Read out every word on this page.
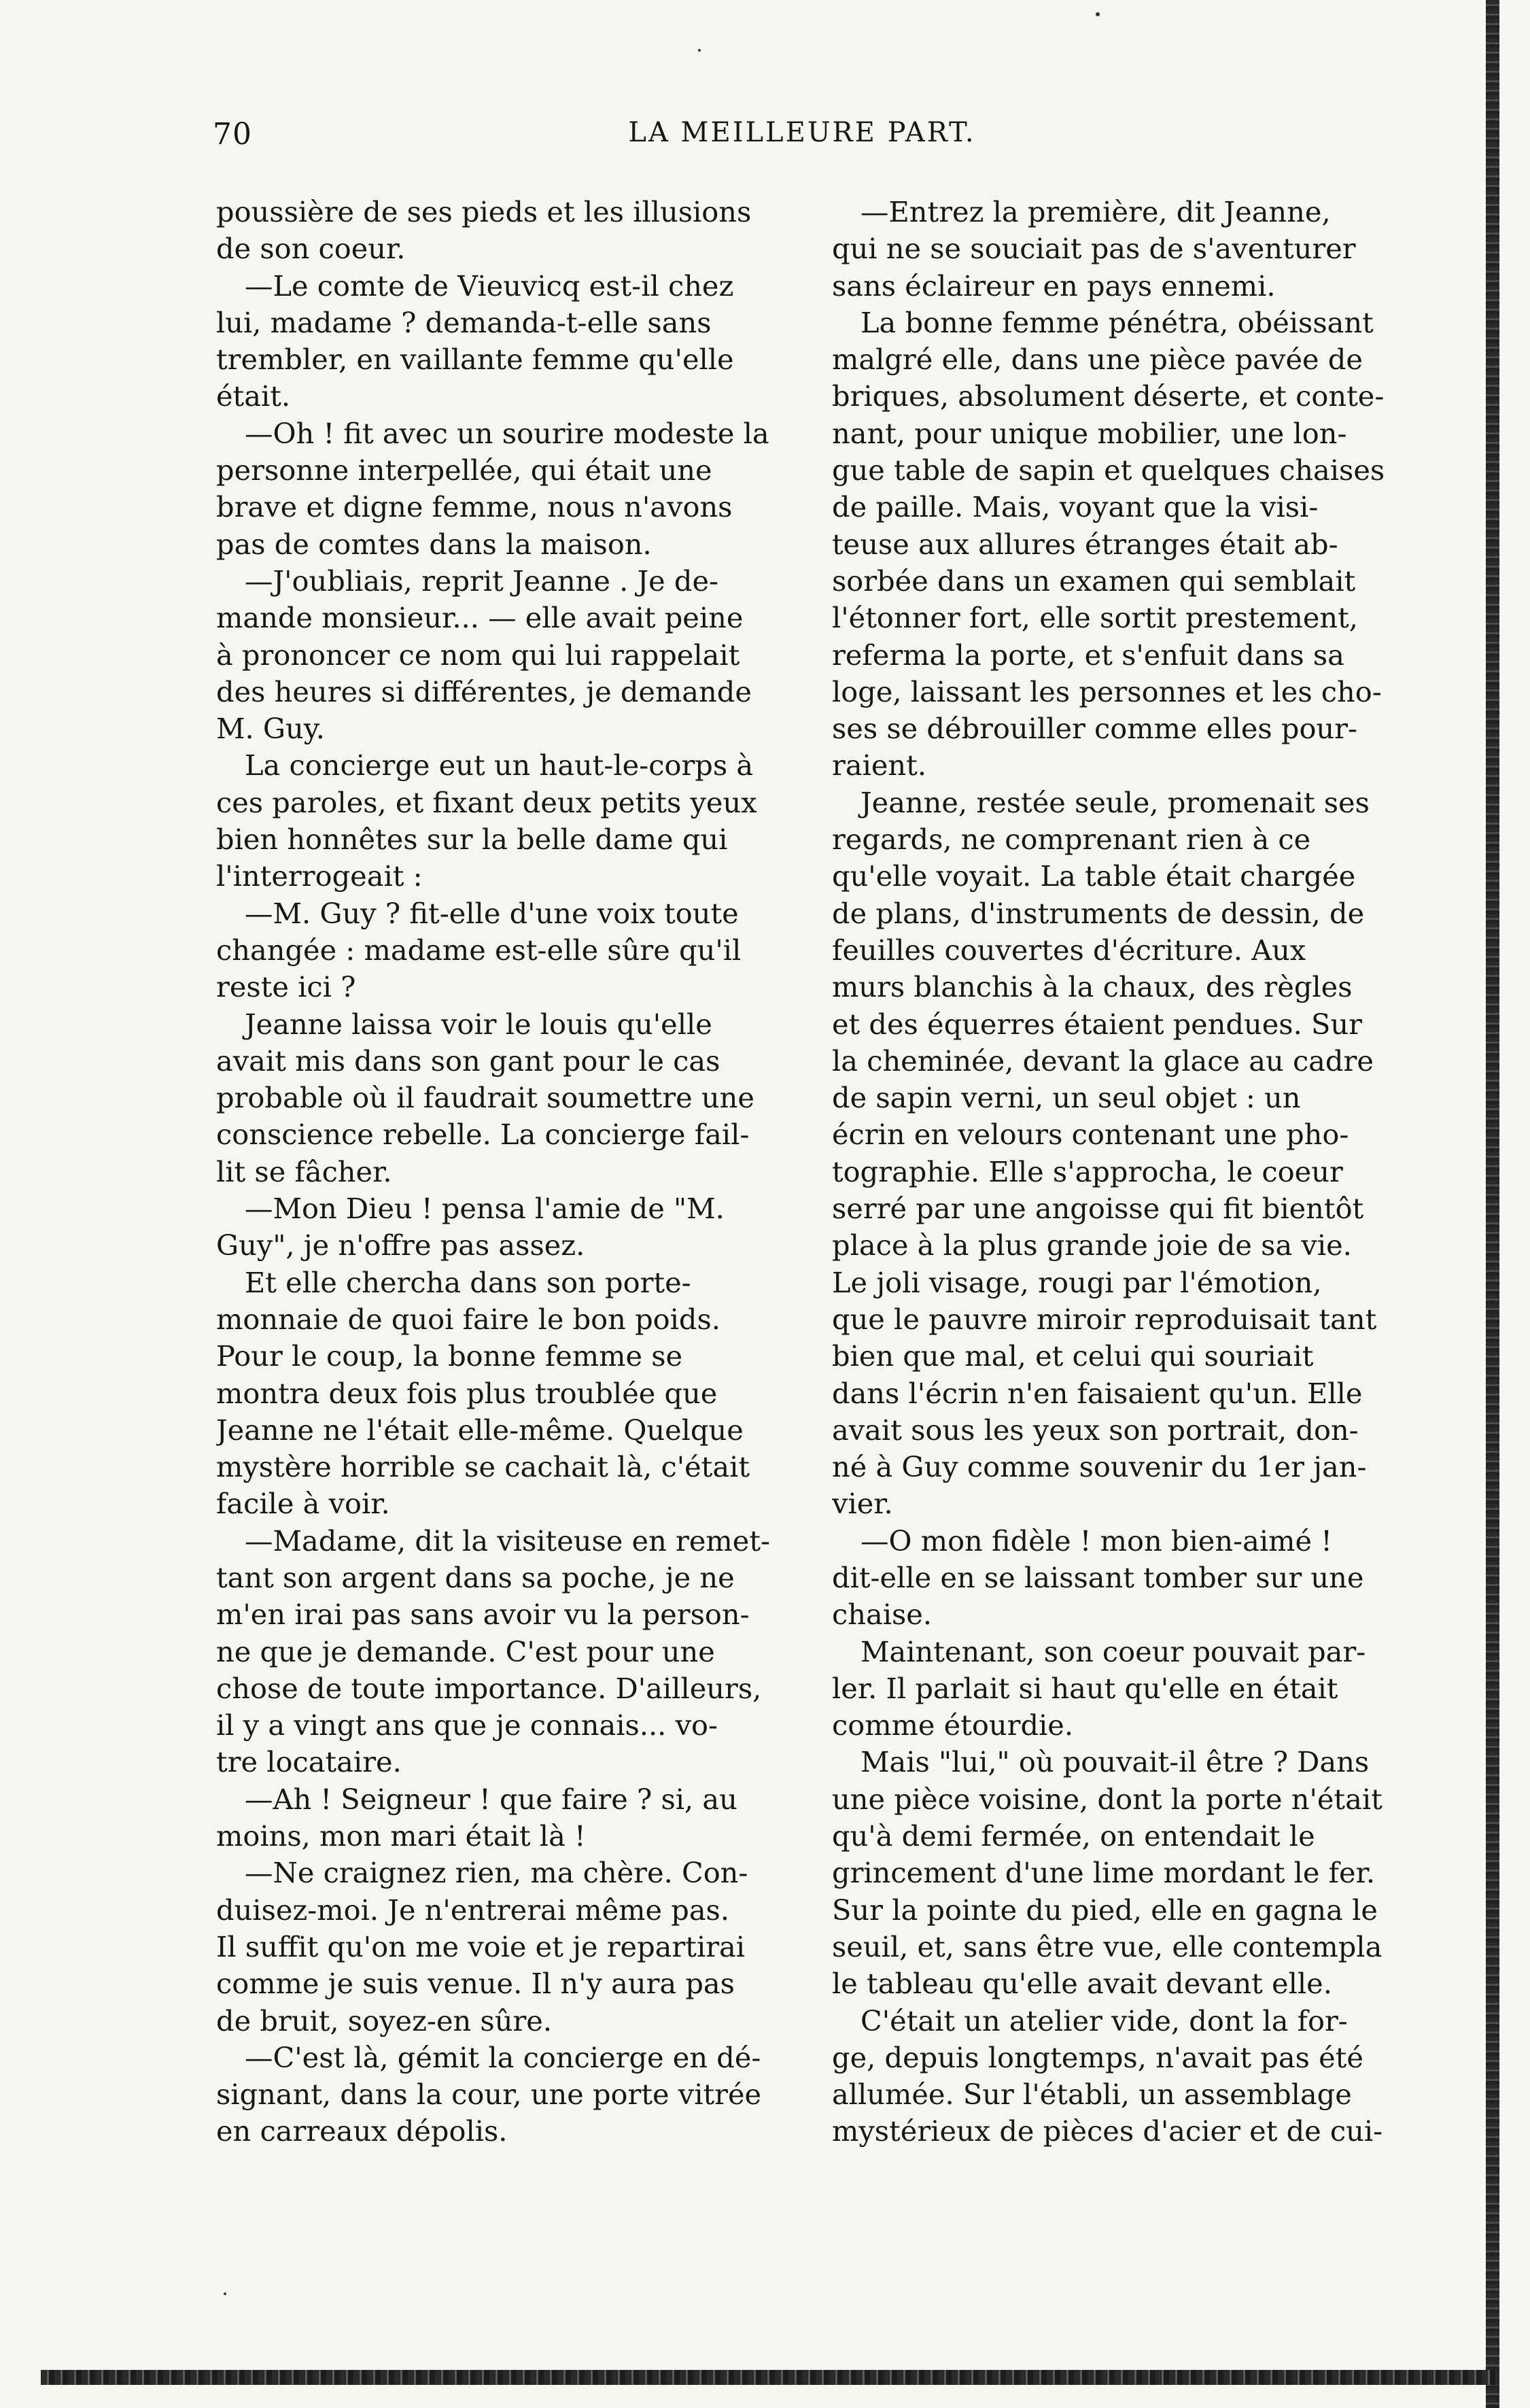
70	LA MEILLEURE PART.
poussière de ses pieds et les illusions
de son coeur.
—Le comte de Vieuvicq est-il chez
lui, madame ? demanda-t-elle sans
trembler, en vaillante femme qu'elle
était.
—Oh ! fit avec un sourire modeste la
personne interpellée, qui était une
brave et digne femme, nous n'avons
pas de comtes dans la maison.
—J'oubliais, reprit Jeanne . Je de-
mande monsieur... — elle avait peine
à prononcer ce nom qui lui rappelait
des heures si différentes, je demande
M. Guy.
La concierge eut un haut-le-corps à
ces paroles, et fixant deux petits yeux
bien honnêtes sur la belle dame qui
l'interrogeait :
—M. Guy ? fit-elle d'une voix toute
changée : madame est-elle sûre qu'il
reste ici ?
Jeanne laissa voir le louis qu'elle
avait mis dans son gant pour le cas
probable où il faudrait soumettre une
conscience rebelle. La concierge fail-
lit se fâcher.
—Mon Dieu ! pensa l'amie de "M.
Guy", je n'offre pas assez.
Et elle chercha dans son porte-
monnaie de quoi faire le bon poids.
Pour le coup, la bonne femme se
montra deux fois plus troublée que
Jeanne ne l'était elle-même. Quelque
mystère horrible se cachait là, c'était
facile à voir.
—Madame, dit la visiteuse en remet-
tant son argent dans sa poche, je ne
m'en irai pas sans avoir vu la person-
ne que je demande. C'est pour une
chose de toute importance. D'ailleurs,
il y a vingt ans que je connais... vo-
tre locataire.
—Ah ! Seigneur ! que faire ? si, au
moins, mon mari était là !
—Ne craignez rien, ma chère. Con-
duisez-moi. Je n'entrerai même pas.
Il suffit qu'on me voie et je repartirai
comme je suis venue. Il n'y aura pas
de bruit, soyez-en sûre.
—C'est là, gémit la concierge en dé-
signant, dans la cour, une porte vitrée
en carreaux dépolis.
—Entrez la première, dit Jeanne,
qui ne se souciait pas de s'aventurer
sans éclaireur en pays ennemi.
La bonne femme pénétra, obéissant
malgré elle, dans une pièce pavée de
briques, absolument déserte, et conte-
nant, pour unique mobilier, une lon-
gue table de sapin et quelques chaises
de paille. Mais, voyant que la visi-
teuse aux allures étranges était ab-
sorbée dans un examen qui semblait
l'étonner fort, elle sortit prestement,
referma la porte, et s'enfuit dans sa
loge, laissant les personnes et les cho-
ses se débrouiller comme elles pour-
raient.
Jeanne, restée seule, promenait ses
regards, ne comprenant rien à ce
qu'elle voyait. La table était chargée
de plans, d'instruments de dessin, de
feuilles couvertes d'écriture. Aux
murs blanchis à la chaux, des règles
et des équerres étaient pendues. Sur
la cheminée, devant la glace au cadre
de sapin verni, un seul objet : un
écrin en velours contenant une pho-
tographie. Elle s'approcha, le coeur
serré par une angoisse qui fit bientôt
place à la plus grande joie de sa vie.
Le joli visage, rougi par l'émotion,
que le pauvre miroir reproduisait tant
bien que mal, et celui qui souriait
dans l'écrin n'en faisaient qu'un. Elle
avait sous les yeux son portrait, don-
né à Guy comme souvenir du 1er jan-
vier.
—O mon fidèle ! mon bien-aimé !
dit-elle en se laissant tomber sur une
chaise.
Maintenant, son coeur pouvait par-
ler. Il parlait si haut qu'elle en était
comme étourdie.
Mais "lui," où pouvait-il être ? Dans
une pièce voisine, dont la porte n'était
qu'à demi fermée, on entendait le
grincement d'une lime mordant le fer.
Sur la pointe du pied, elle en gagna le
seuil, et, sans être vue, elle contempla
le tableau qu'elle avait devant elle.
C'était un atelier vide, dont la for-
ge, depuis longtemps, n'avait pas été
allumée. Sur l'établi, un assemblage
mystérieux de pièces d'acier et de cui-
